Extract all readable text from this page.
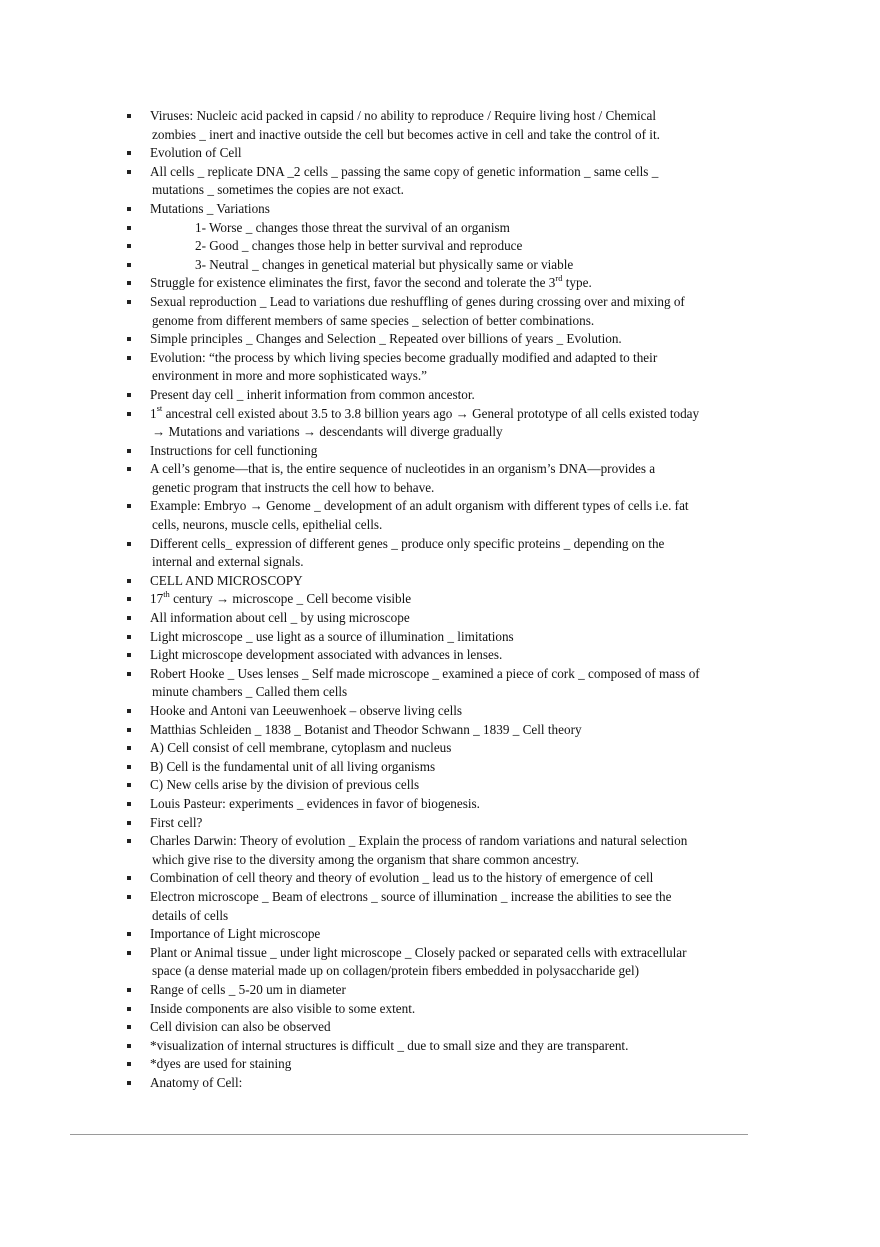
Viruses: Nucleic acid packed in capsid / no ability to reproduce / Require living host / Chemical
zombies _ inert and inactive outside the cell but becomes active in cell and take the control of it.
Evolution of Cell
All cells _ replicate DNA _2 cells _ passing the same copy of genetic information _ same cells _
mutations _ sometimes the copies are not exact.
Mutations _ Variations
1- Worse _ changes those threat the survival of an organism
2- Good _ changes those help in better survival and reproduce
3- Neutral _ changes in genetical material but physically same or viable
Struggle for existence eliminates the first, favor the second and tolerate the 3rd type.
Sexual reproduction _ Lead to variations due reshuffling of genes during crossing over and mixing of
genome from different members of same species _ selection of better combinations.
Simple principles _ Changes and Selection _ Repeated over billions of years _ Evolution.
Evolution: “the process by which living species become gradually modified and adapted to their
environment in more and more sophisticated ways.”
Present day cell _ inherit information from common ancestor.
1st ancestral cell existed about 3.5 to 3.8 billion years ago → General prototype of all cells existed today
→ Mutations and variations → descendants will diverge gradually
Instructions for cell functioning
A cell’s genome—that is, the entire sequence of nucleotides in an organism’s DNA—provides a
genetic program that instructs the cell how to behave.
Example: Embryo → Genome _ development of an adult organism with different types of cells i.e. fat
cells, neurons, muscle cells, epithelial cells.
Different cells_ expression of different genes _ produce only specific proteins _ depending on the
internal and external signals.
CELL AND MICROSCOPY
17th century → microscope _ Cell become visible
All information about cell _ by using microscope
Light microscope _ use light as a source of illumination _ limitations
Light microscope development associated with advances in lenses.
Robert Hooke _ Uses lenses _ Self made microscope _ examined a piece of cork _ composed of mass of
minute chambers _ Called them cells
Hooke and Antoni van Leeuwenhoek – observe living cells
Matthias Schleiden _ 1838 _ Botanist and Theodor Schwann _ 1839 _ Cell theory
A) Cell consist of cell membrane, cytoplasm and nucleus
B) Cell is the fundamental unit of all living organisms
C) New cells arise by the division of previous cells
Louis Pasteur: experiments _ evidences in favor of biogenesis.
First cell?
Charles Darwin: Theory of evolution _ Explain the process of random variations and natural selection
which give rise to the diversity among the organism that share common ancestry.
Combination of cell theory and theory of evolution _ lead us to the history of emergence of cell
Electron microscope _ Beam of electrons _ source of illumination _ increase the abilities to see the
details of cells
Importance of Light microscope
Plant or Animal tissue _ under light microscope _ Closely packed or separated cells with extracellular
space (a dense material made up on collagen/protein fibers embedded in polysaccharide gel)
Range of cells _ 5-20 um in diameter
Inside components are also visible to some extent.
Cell division can also be observed
*visualization of internal structures is difficult _ due to small size and they are transparent.
*dyes are used for staining
Anatomy of Cell:
